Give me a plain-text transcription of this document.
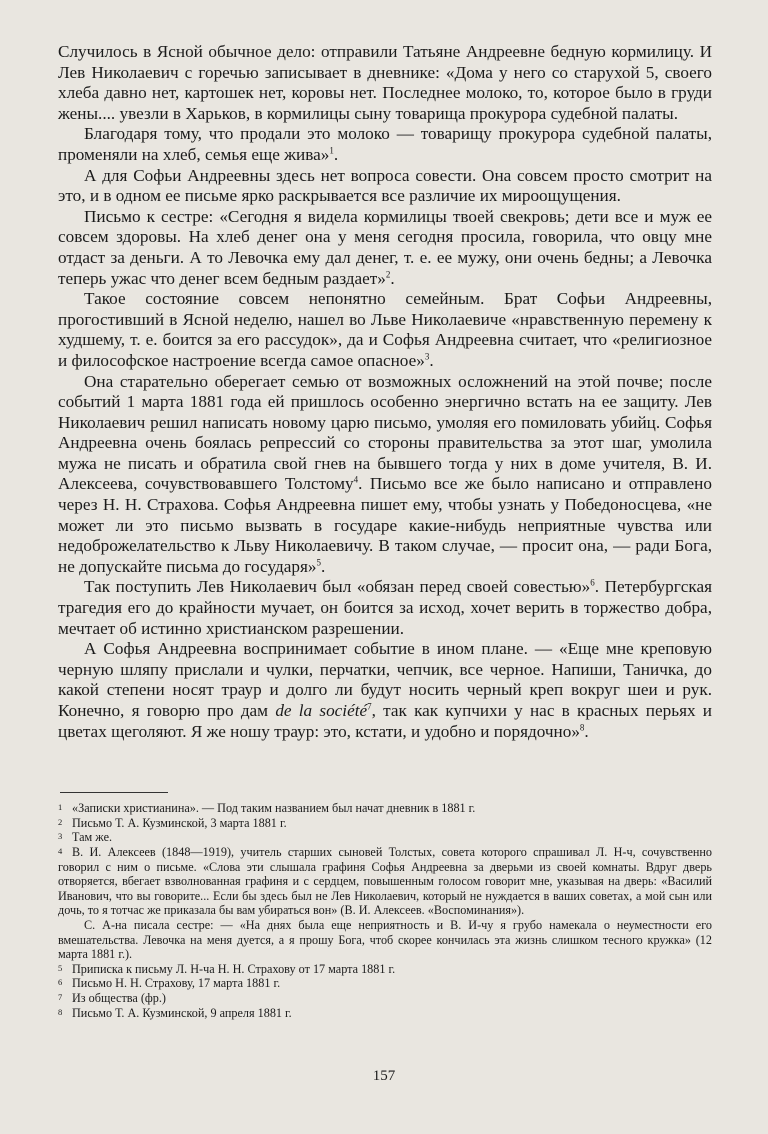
Случилось в Ясной обычное дело: отправили Татьяне Андреевне бедную кормилицу. И Лев Николаевич с горечью записывает в дневнике: «Дома у него со старухой 5, своего хлеба давно нет, картошек нет, коровы нет. Последнее молоко, то, которое было в груди жены.... увезли в Харьков, в кормилицы сыну товарища прокурора судебной палаты.

Благодаря тому, что продали это молоко — товарищу прокурора судебной палаты, променяли на хлеб, семья еще жива»$^1$.

А для Софьи Андреевны здесь нет вопроса совести. Она совсем просто смотрит на это, и в одном ее письме ярко раскрывается все различие их мироощущения.

Письмо к сестре: «Сегодня я видела кормилицы твоей свекровь; дети все и муж ее совсем здоровы. На хлеб денег она у меня сегодня просила, говорила, что овцу мне отдаст за деньги. А то Левочка ему дал денег, т. е. ее мужу, они очень бедны; а Левочка теперь ужас что денег всем бедным раздает»$^2$.

Такое состояние совсем непонятно семейным. Брат Софьи Андреевны, прогостивший в Ясной неделю, нашел во Льве Николаевиче «нравственную перемену к худшему, т. е. боится за его рассудок», да и Софья Андреевна считает, что «религиозное и философское настроение всегда самое опасное»$^3$.

Она старательно оберегает семью от возможных осложнений на этой почве; после событий 1 марта 1881 года ей пришлось особенно энергично встать на ее защиту. Лев Николаевич решил написать новому царю письмо, умоляя его помиловать убийц. Софья Андреевна очень боялась репрессий со стороны правительства за этот шаг, умолила мужа не писать и обратила свой гнев на бывшего тогда у них в доме учителя, В. И. Алексеева, сочувствовавшего Толстому$^4$. Письмо все же было написано и отправлено через Н. Н. Страхова. Софья Андреевна пишет ему, чтобы узнать у Победоносцева, «не может ли это письмо вызвать в государе какие-нибудь неприятные чувства или недоброжелательство к Льву Николаевичу. В таком случае, — просит она, — ради Бога, не допускайте письма до государя»$^5$.

Так поступить Лев Николаевич был «обязан перед своей совестью»$^6$. Петербургская трагедия его до крайности мучает, он боится за исход, хочет верить в торжество добра, мечтает об истинно христианском разрешении.

А Софья Андреевна воспринимает событие в ином плане. — «Еще мне креповую черную шляпу прислали и чулки, перчатки, чепчик, все черное. Напиши, Таничка, до какой степени носят траур и долго ли будут носить черный креп вокруг шеи и рук. Конечно, я говорю про дам de la société$^7$, так как купчихи у нас в красных перьях и цветах щеголяют. Я же ношу траур: это, кстати, и удобно и порядочно»$^8$.

1 «Записки христианина». — Под таким названием был начат дневник в 1881 г.

2 Письмо Т. А. Кузминской, 3 марта 1881 г.

3 Там же.

4 В. И. Алексеев (1848—1919), учитель старших сыновей Толстых, совета которого спрашивал Л. Н-ч, сочувственно говорил с ним о письме. «Слова эти слышала графиня Софья Андреевна за дверьми из своей комнаты. Вдруг дверь отворяется, вбегает взволнованная графиня и с сердцем, повышенным голосом говорит мне, указывая на дверь: «Василий Иванович, что вы говорите... Если бы здесь был не Лев Николаевич, который не нуждается в ваших советах, а мой сын или дочь, то я тотчас же приказала бы вам убираться вон» (В. И. Алексеев. «Воспоминания»).

С. А-на писала сестре: — «На днях была еще неприятность и В. И-чу я грубо намекала о неуместности его вмешательства. Левочка на меня дуется, а я прошу Бога, чтоб скорее кончилась эта жизнь слишком тесного кружка» (12 марта 1881 г.).

5 Приписка к письму Л. Н-ча Н. Н. Страхову от 17 марта 1881 г.

6 Письмо Н. Н. Страхову, 17 марта 1881 г.

7 Из общества (фр.)

8 Письмо Т. А. Кузминской, 9 апреля 1881 г.

157
